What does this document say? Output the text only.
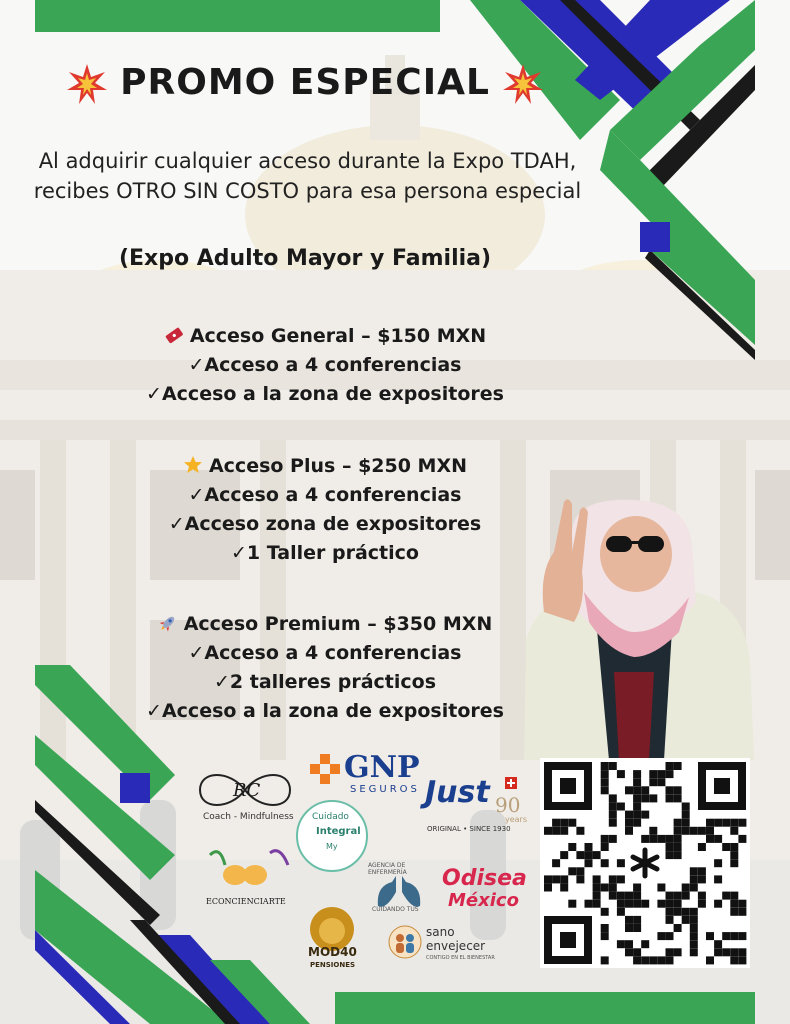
PROMO ESPECIAL
Al adquirir cualquier acceso durante la Expo TDAH, recibes OTRO SIN COSTO para esa persona especial
(Expo Adulto Mayor y Familia)
Acceso General – $150 MXN
✓Acceso a 4 conferencias
✓Acceso a la zona de expositores
Acceso Plus – $250 MXN
✓Acceso a 4 conferencias
✓Acceso zona de expositores
✓1 Taller práctico
Acceso Premium – $350 MXN
✓Acceso a 4 conferencias
✓2 talleres prácticos
✓Acceso a la zona de expositores
GNP
SEGUROS
RC
Coach - Mindfulness
Just 90
years
ORIGINAL • SINCE 1930
Cuidado
Integral
My
ECONCIENCIARTE
AGENCIA DE ENFERMERÍA
CUIDANDO TUS
Odisea
México
MOD40
PENSIONES
sano
envejecer
CONTIGO EN EL BIENESTAR
